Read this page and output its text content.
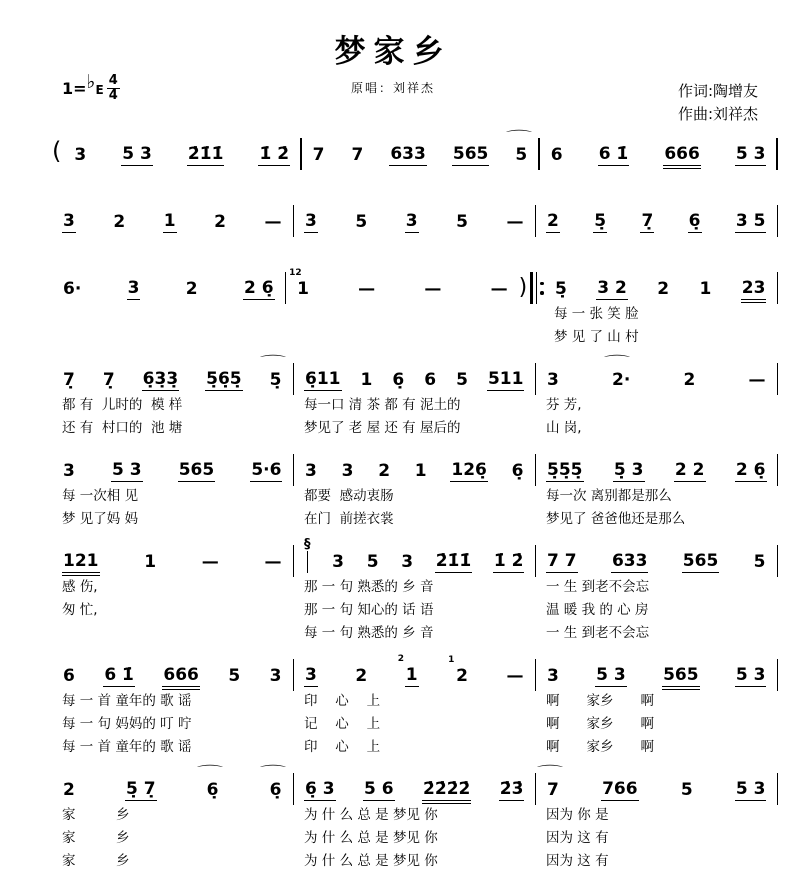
梦家乡
原唱：刘祥杰
1= ♭ E $\frac{4}{4}$	作词:陶增友
作曲:刘祥杰
( 3 5 3 2̇1̇1̇ 1̇ 2̇ 7 7 633 565 5
⌒
6 6 1̇ 666 5 3
3 2 1 2 — 3 5 3 5 — 2 5̣ 7̣ 6̣ 3 5
6·	3	2	2 6̣
12
1	—	—	— ) 5̣ 3 2 2 1 23
每 一 张 笑 脸
梦 见 了 山 村
7̣ 7̣ 6̣3̣3̣ 5̣6̣5̣ 5̣
⌒
都 有  儿时的  模 样
还 有  村口的  池 塘
6̣11 1 6̣ 6 5 511
每一口 清 茶 都 有 泥土的
梦见了 老 屋 还 有 屋后的
3	2·
⌒
2	—
芬 芳,
山 岗,
3 5 3 565 5·6
每 一次相 见
梦 见了妈 妈
3 3 2 1 126̣ 6̣
都要  感动衷肠
在门  前搓衣裳
5̣5̣5̣ 5̣ 3 2 2 2 6̣
每一次 离别都是那么
梦见了 爸爸他还是那么
121	1	—	—
感 伤,
匆 忙,
§
3 5 3 2̇1̇1̇ 1̇ 2̇
那 一 句 熟悉的 乡 音
那 一 句 知心的 话 语
每 一 句 熟悉的 乡 音
7 7 633 565 5
一 生 到老不会忘
温 暖 我 的 心 房
一 生 到老不会忘
6 6 1̇ 666 5 3
每 一 首 童年的 歌 谣
每 一 句 妈妈的 叮 咛
每 一 首 童年的 歌 谣
3 2
2
1
1
2 —
印　 心　 上
记　 心　 上
印　 心　 上
3 5 3 565 5 3
啊　　家乡　　啊
啊　　家乡　　啊
啊　　家乡　　啊
2	5̣ 7̣	6̣
⌒
6̣
⌒
家　　　乡
家　　　乡
家　　　乡
6̣ 3 5 6 2̇2̇2̇2̇ 2̇3̇
为 什 么 总 是 梦见 你
为 什 么 总 是 梦见 你
为 什 么 总 是 梦见 你
7
⌒
766	5	5 3
因为 你 是
因为 这 有
因为 这 有
